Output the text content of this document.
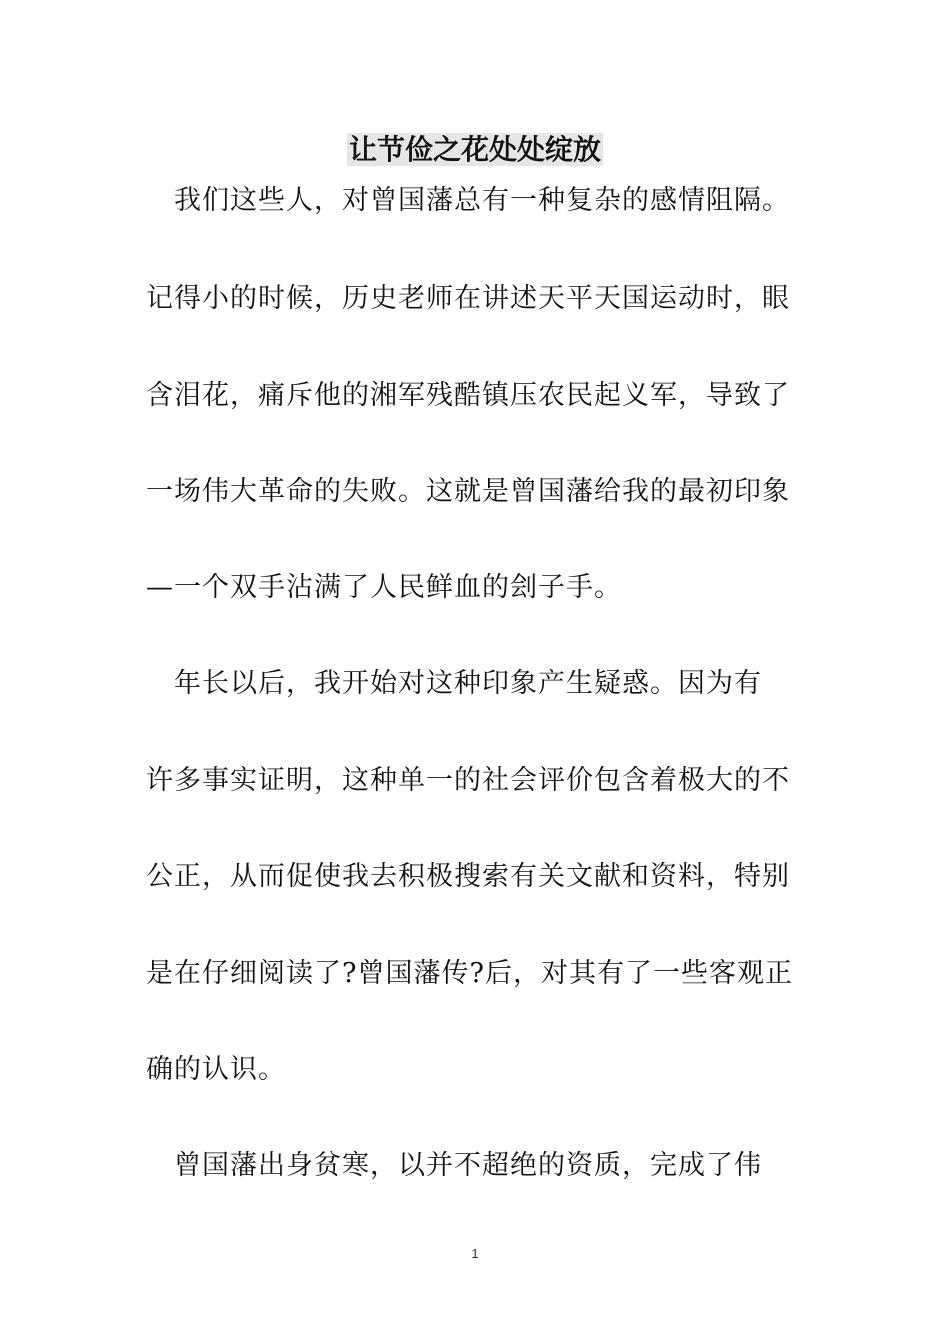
让节俭之花处处绽放
　我们这些人，对曾国藩总有一种复杂的感情阻隔。
记得小的时候，历史老师在讲述天平天国运动时，眼
含泪花，痛斥他的湘军残酷镇压农民起义军，导致了
一场伟大革命的失败。这就是曾国藩给我的最初印象
—一个双手沾满了人民鲜血的刽子手。
　年长以后，我开始对这种印象产生疑惑。因为有
许多事实证明，这种单一的社会评价包含着极大的不
公正，从而促使我去积极搜索有关文献和资料，特别
是在仔细阅读了?曾国藩传?后，对其有了一些客观正
确的认识。
　曾国藩出身贫寒，以并不超绝的资质，完成了伟
1
